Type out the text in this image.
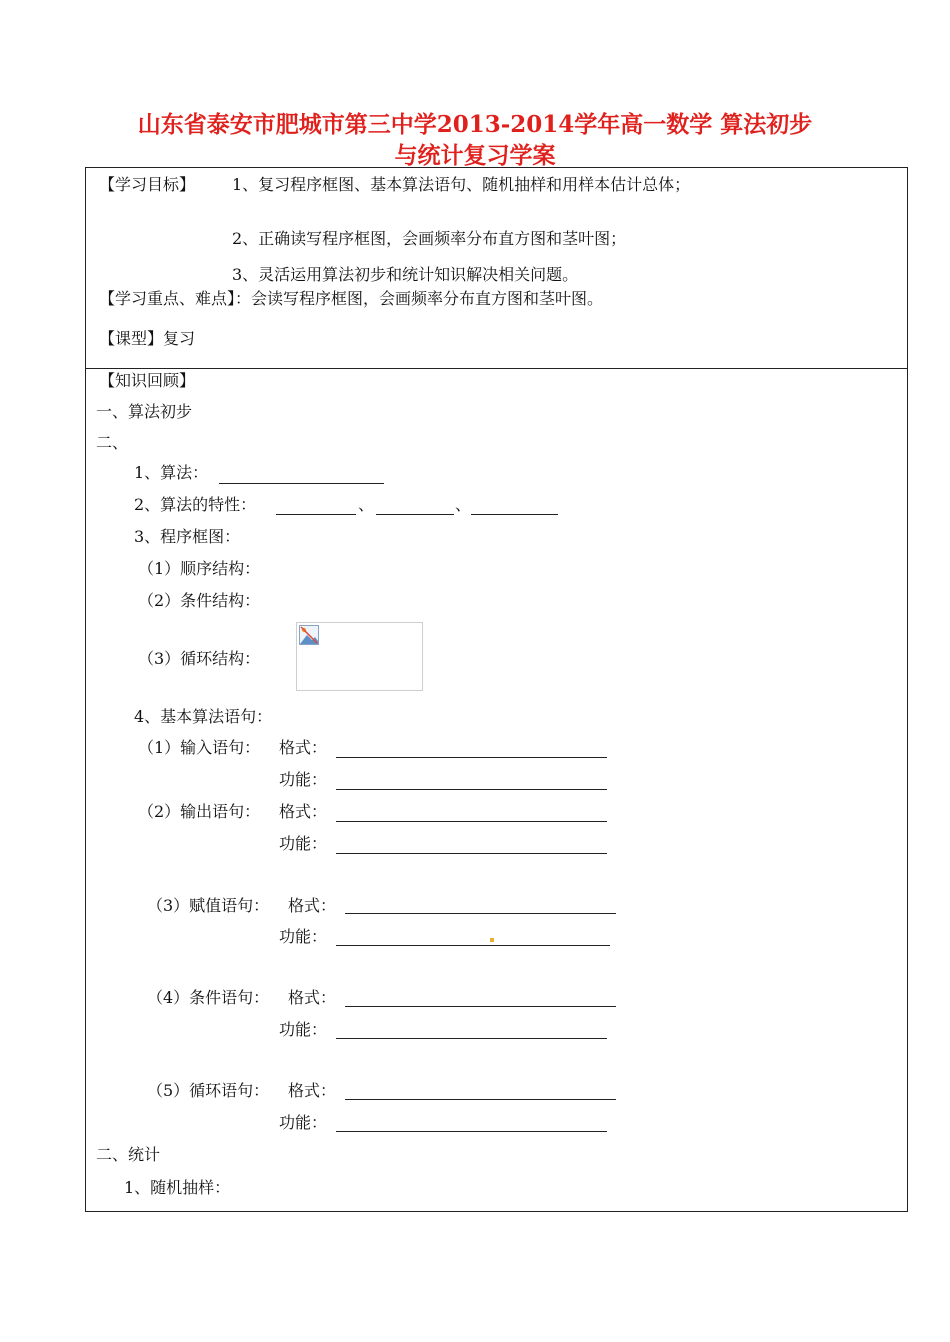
山东省泰安市肥城市第三中学2013-2014学年高一数学 算法初步
与统计复习学案
【学习目标】 1、复习程序框图、基本算法语句、随机抽样和用样本估计总体；
2、正确读写程序框图，会画频率分布直方图和茎叶图；
3、灵活运用算法初步和统计知识解决相关问题。
【学习重点、难点】：会读写程序框图，会画频率分布直方图和茎叶图。
【课型】复习
【知识回顾】
一、算法初步
二、
1、算法：
2、算法的特性：	、	、
3、程序框图：
（1）顺序结构：
（2）条件结构：
（3）循环结构：
4、基本算法语句：
（1）输入语句： 格式：
功能：
（2）输出语句： 格式：
功能：
（3）赋值语句： 格式：
功能：
（4）条件语句： 格式：
功能：
（5）循环语句： 格式：
功能：
二、统计
1、随机抽样：
